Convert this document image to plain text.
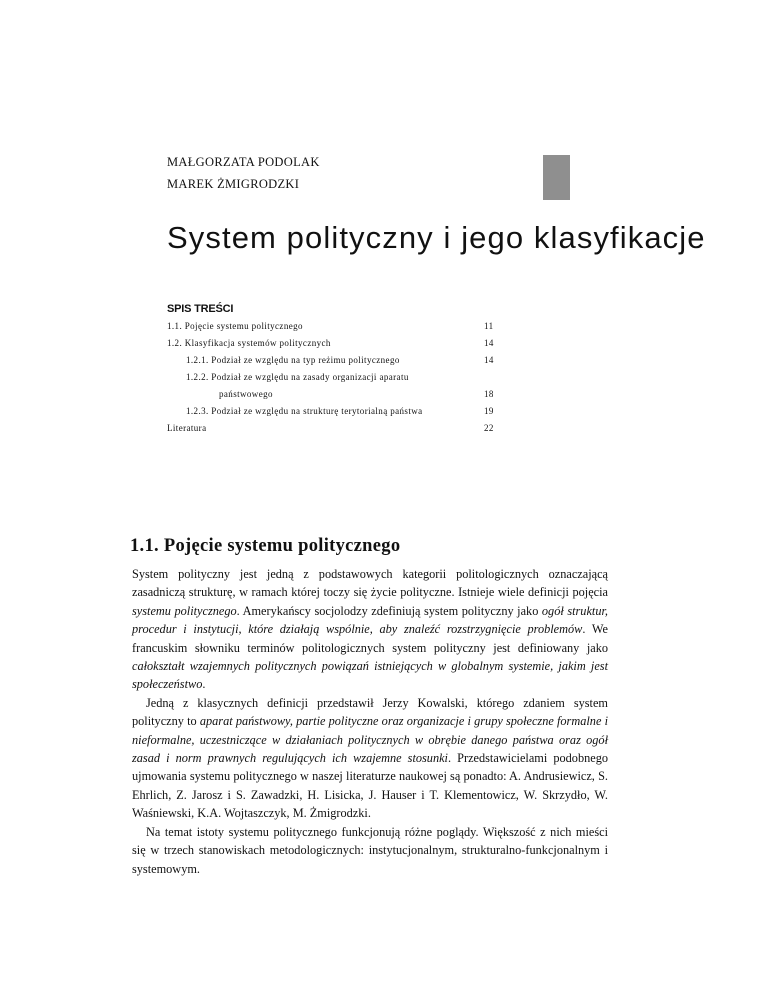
MAŁGORZATA PODOLAK
MAREK ŻMIGRODZKI
System polityczny i jego klasyfikacje
SPIS TREŚCI
1.1. Pojęcie systemu politycznego	11
1.2. Klasyfikacja systemów politycznych	14
1.2.1. Podział ze względu na typ reżimu politycznego	14
1.2.2. Podział ze względu na zasady organizacji aparatu
państwowego	18
1.2.3. Podział ze względu na strukturę terytorialną państwa	19
Literatura	22
1.1. Pojęcie systemu politycznego

System polityczny jest jedną z podstawowych kategorii politologicznych oznaczającą zasadniczą strukturę, w ramach której toczy się życie polityczne. Istnieje wiele definicji pojęcia systemu politycznego. Amerykańscy socjolodzy zdefiniują system polityczny jako ogół struktur, procedur i instytucji, które działają wspólnie, aby znaleźć rozstrzygnięcie problemów. We francuskim słowniku terminów politologicznych system polityczny jest definiowany jako całokształt wzajemnych politycznych powiązań istniejących w globalnym systemie, jakim jest społeczeństwo.

Jedną z klasycznych definicji przedstawił Jerzy Kowalski, którego zdaniem system polityczny to aparat państwowy, partie polityczne oraz organizacje i grupy społeczne formalne i nieformalne, uczestniczące w działaniach politycznych w obrębie danego państwa oraz ogół zasad i norm prawnych regulujących ich wzajemne stosunki. Przedstawicielami podobnego ujmowania systemu politycznego w naszej literaturze naukowej są ponadto: A. Andrusiewicz, S. Ehrlich, Z. Jarosz i S. Zawadzki, H. Lisicka, J. Hauser i T. Klementowicz, W. Skrzydło, W. Waśniewski, K.A. Wojtaszczyk, M. Żmigrodzki.

Na temat istoty systemu politycznego funkcjonują różne poglądy. Większość z nich mieści się w trzech stanowiskach metodologicznych: instytucjonalnym, strukturalno-funkcjonalnym i systemowym.
